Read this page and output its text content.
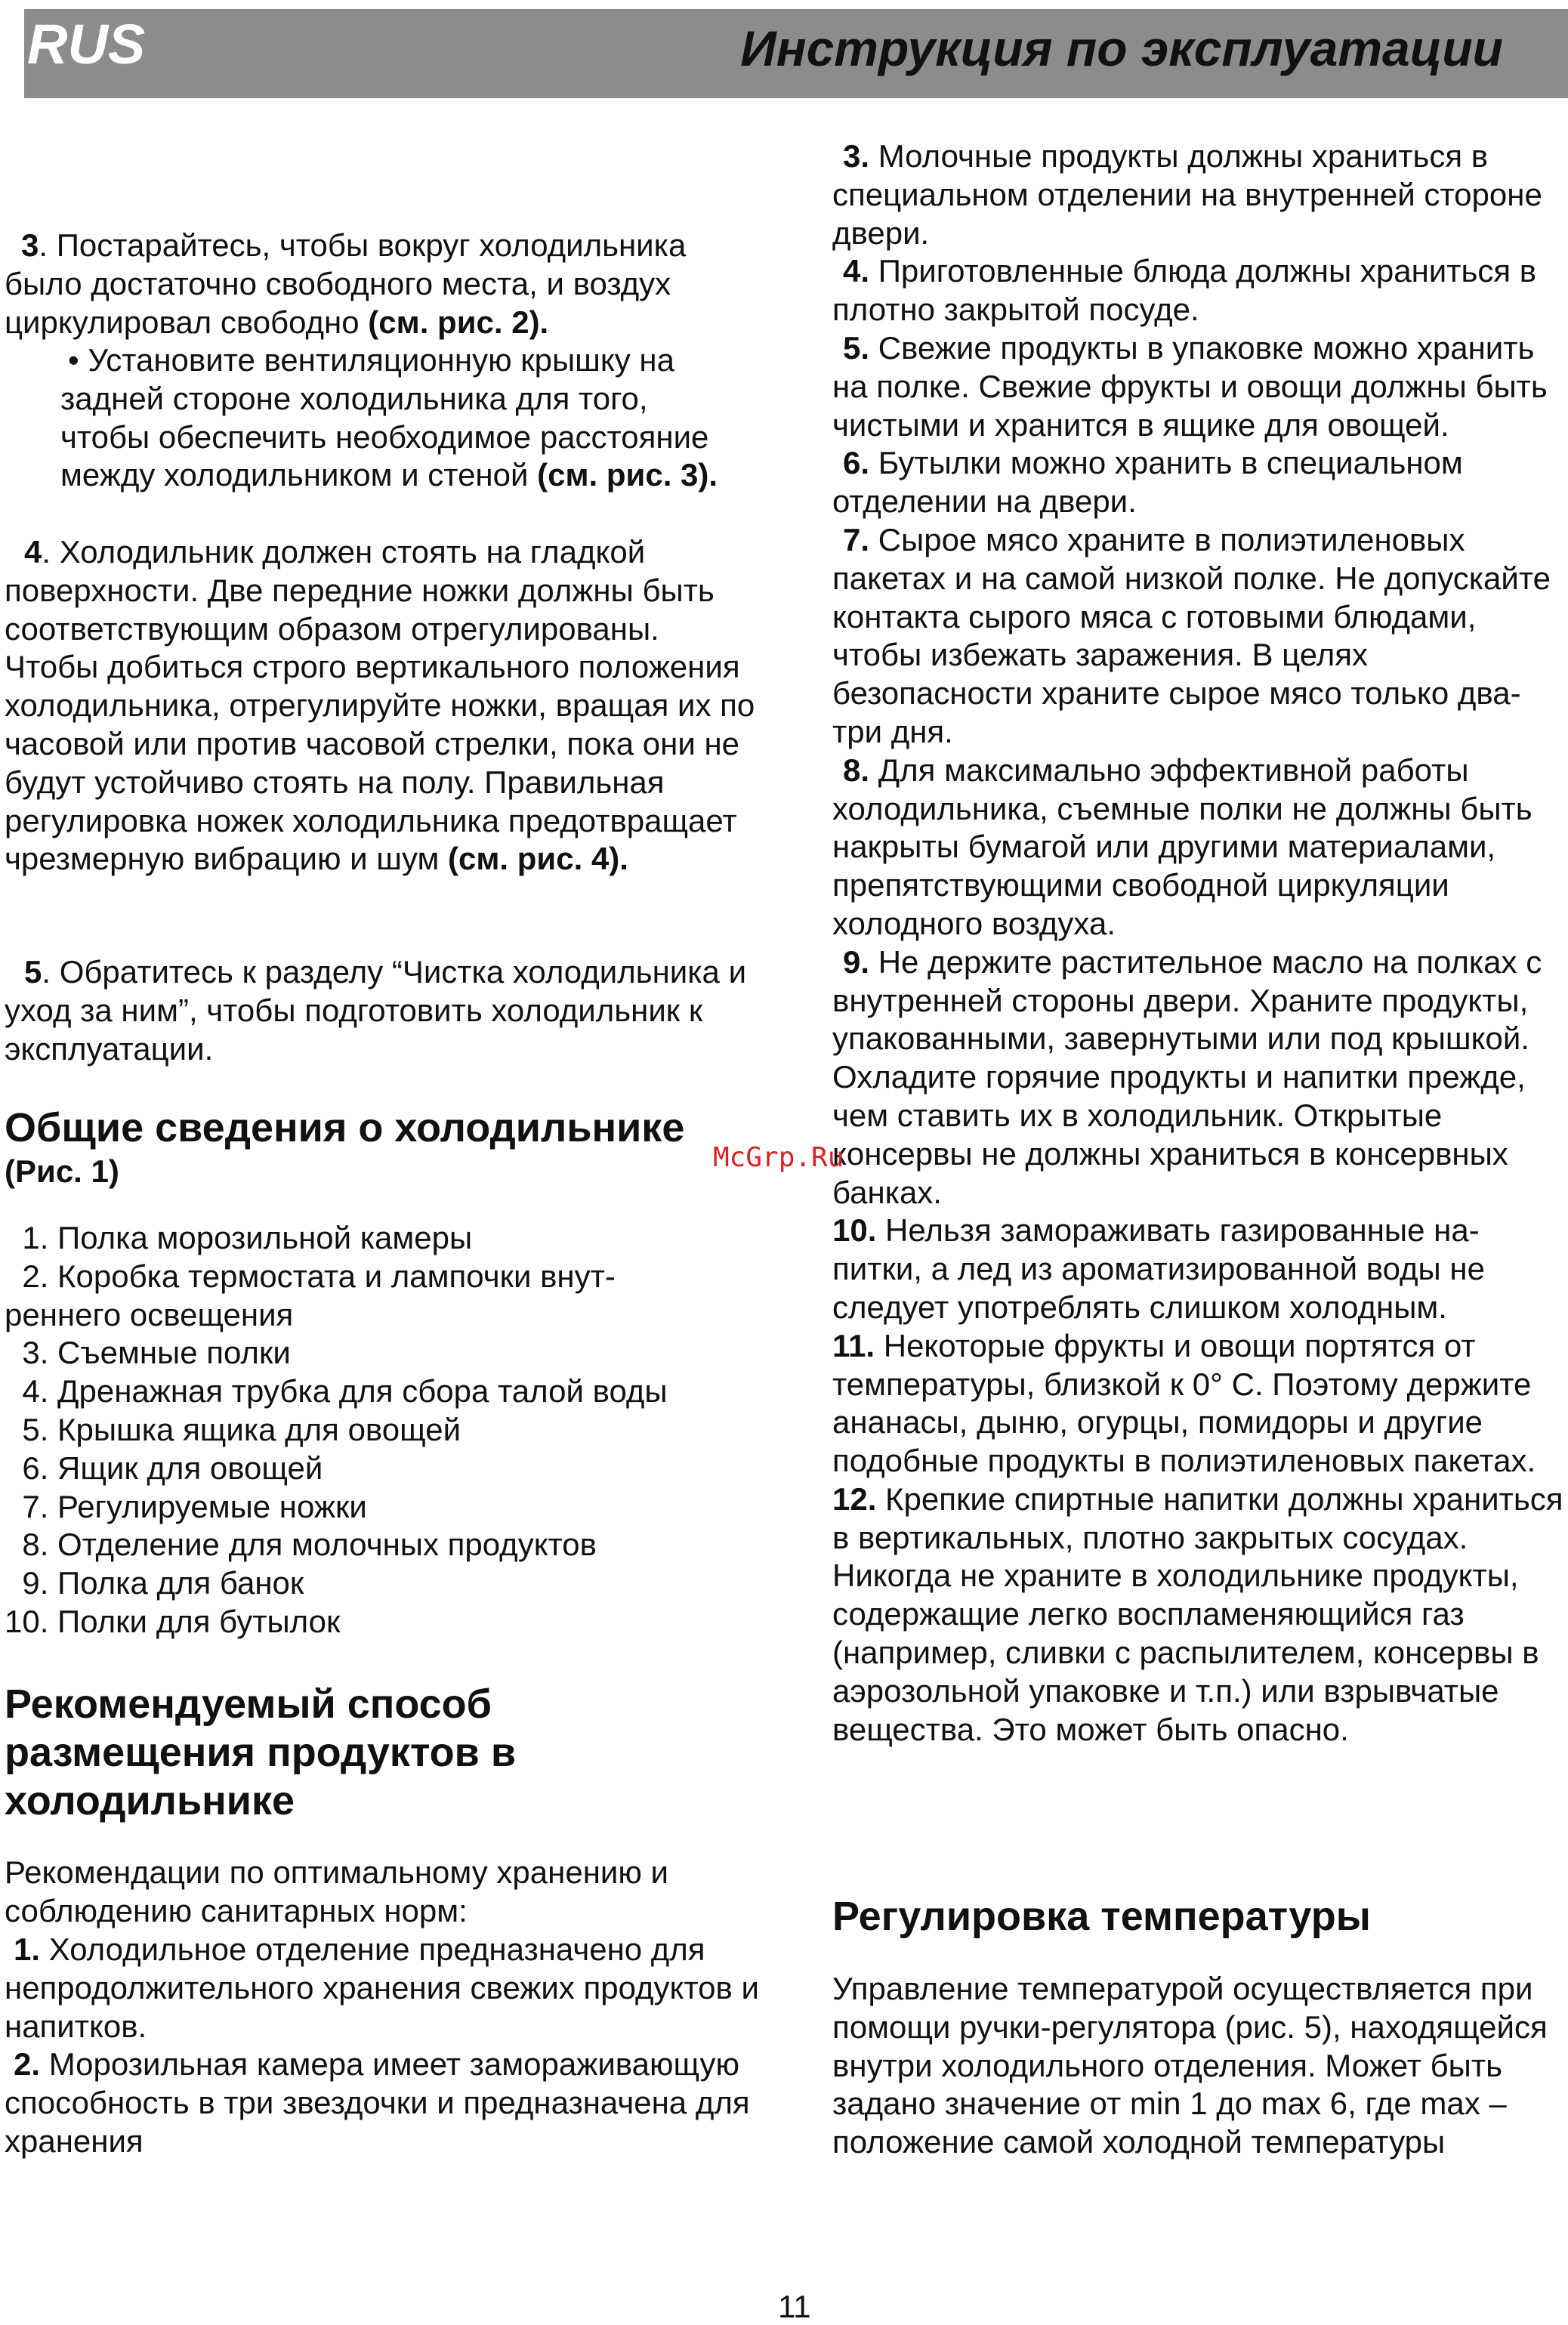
RUS	Инструкция по эксплуатации

3. Постарайтесь, чтобы вокруг холодильника было достаточно свободного места, и воздух циркулировал свободно (см. рис. 2).

• Установите вентиляционную крышку на задней стороне холодильника для того, чтобы обеспечить необходимое расстояние между холодильником и стеной (см. рис. 3).

4. Холодильник должен стоять на гладкой поверхности. Две передние ножки должны быть соответствующим образом отрегулированы. Чтобы добиться строго вертикального положения холодильника, отрегулируйте ножки, вращая их по часовой или против часовой стрелки, пока они не будут устойчиво стоять на полу. Правильная регулировка ножек холодильника предотвращает чрезмерную вибрацию и шум (см. рис. 4).

5. Обратитесь к разделу “Чистка холодильника и уход за ним”, чтобы подготовить холодильник к эксплуатации.

Общие сведения о холодильнике

(Рис. 1)

1. Полка морозильной камеры

2. Коробка термостата и лампочки внут-

реннего освещения

3. Съемные полки

4. Дренажная трубка для сбора талой воды

5. Крышка ящика для овощей

6. Ящик для овощей

7. Регулируемые ножки

8. Отделение для молочных продуктов

9. Полка для банок

10. Полки для бутылок

Рекомендуемый способ размещения продуктов в холодильнике

Рекомендации по оптимальному хранению и соблюдению санитарных норм:

1. Холодильное отделение предназначено для непродолжительного хранения свежих продуктов и напитков.

2. Морозильная камера имеет замораживающую способность в три звездочки и предназначена для хранения

3. Молочные продукты должны храниться в специальном отделении на внутренней стороне двери.

4. Приготовленные блюда должны храниться в плотно закрытой посуде.

5. Свежие продукты в упаковке можно хранить на полке. Свежие фрукты и овощи должны быть чистыми и хранится в ящике для овощей.

6. Бутылки можно хранить в специальном отделении на двери.

7. Сырое мясо храните в полиэтиленовых пакетах и на самой низкой полке. Не допускайте контакта сырого мяса с готовыми блюдами, чтобы избежать заражения. В целях безопасности храните сырое мясо только два-три дня.

8. Для максимально эффективной работы холодильника, съемные полки не должны быть накрыты бумагой или другими материалами, препятствующими свободной циркуляции холодного воздуха.

9. Не держите растительное масло на полках с внутренней стороны двери. Храните продукты, упакованными, завернутыми или под крышкой. Охладите горячие продукты и напитки прежде, чем ставить их в холодильник. Открытые консервы не должны храниться в консервных банках.

10. Нельзя замораживать газированные на-питки, а лед из ароматизированной воды не следует употреблять слишком холодным.

11. Некоторые фрукты и овощи портятся от температуры, близкой к 0° С. Поэтому держите ананасы, дыню, огурцы, помидоры и другие подобные продукты в полиэтиленовых пакетах.

12. Крепкие спиртные напитки должны храниться в вертикальных, плотно закрытых сосудах. Никогда не храните в холодильнике продукты, содержащие легко воспламеняющийся газ (например, сливки с распылителем, консервы в аэрозольной упаковке и т.п.) или взрывчатые вещества. Это может быть опасно.

Регулировка температуры

Управление температурой осуществляется при помощи ручки-регулятора (рис. 5), находящейся внутри холодильного отделения. Может быть задано значение от min 1 до max 6, где max – положение самой холодной температуры

McGrp.Ru
11
